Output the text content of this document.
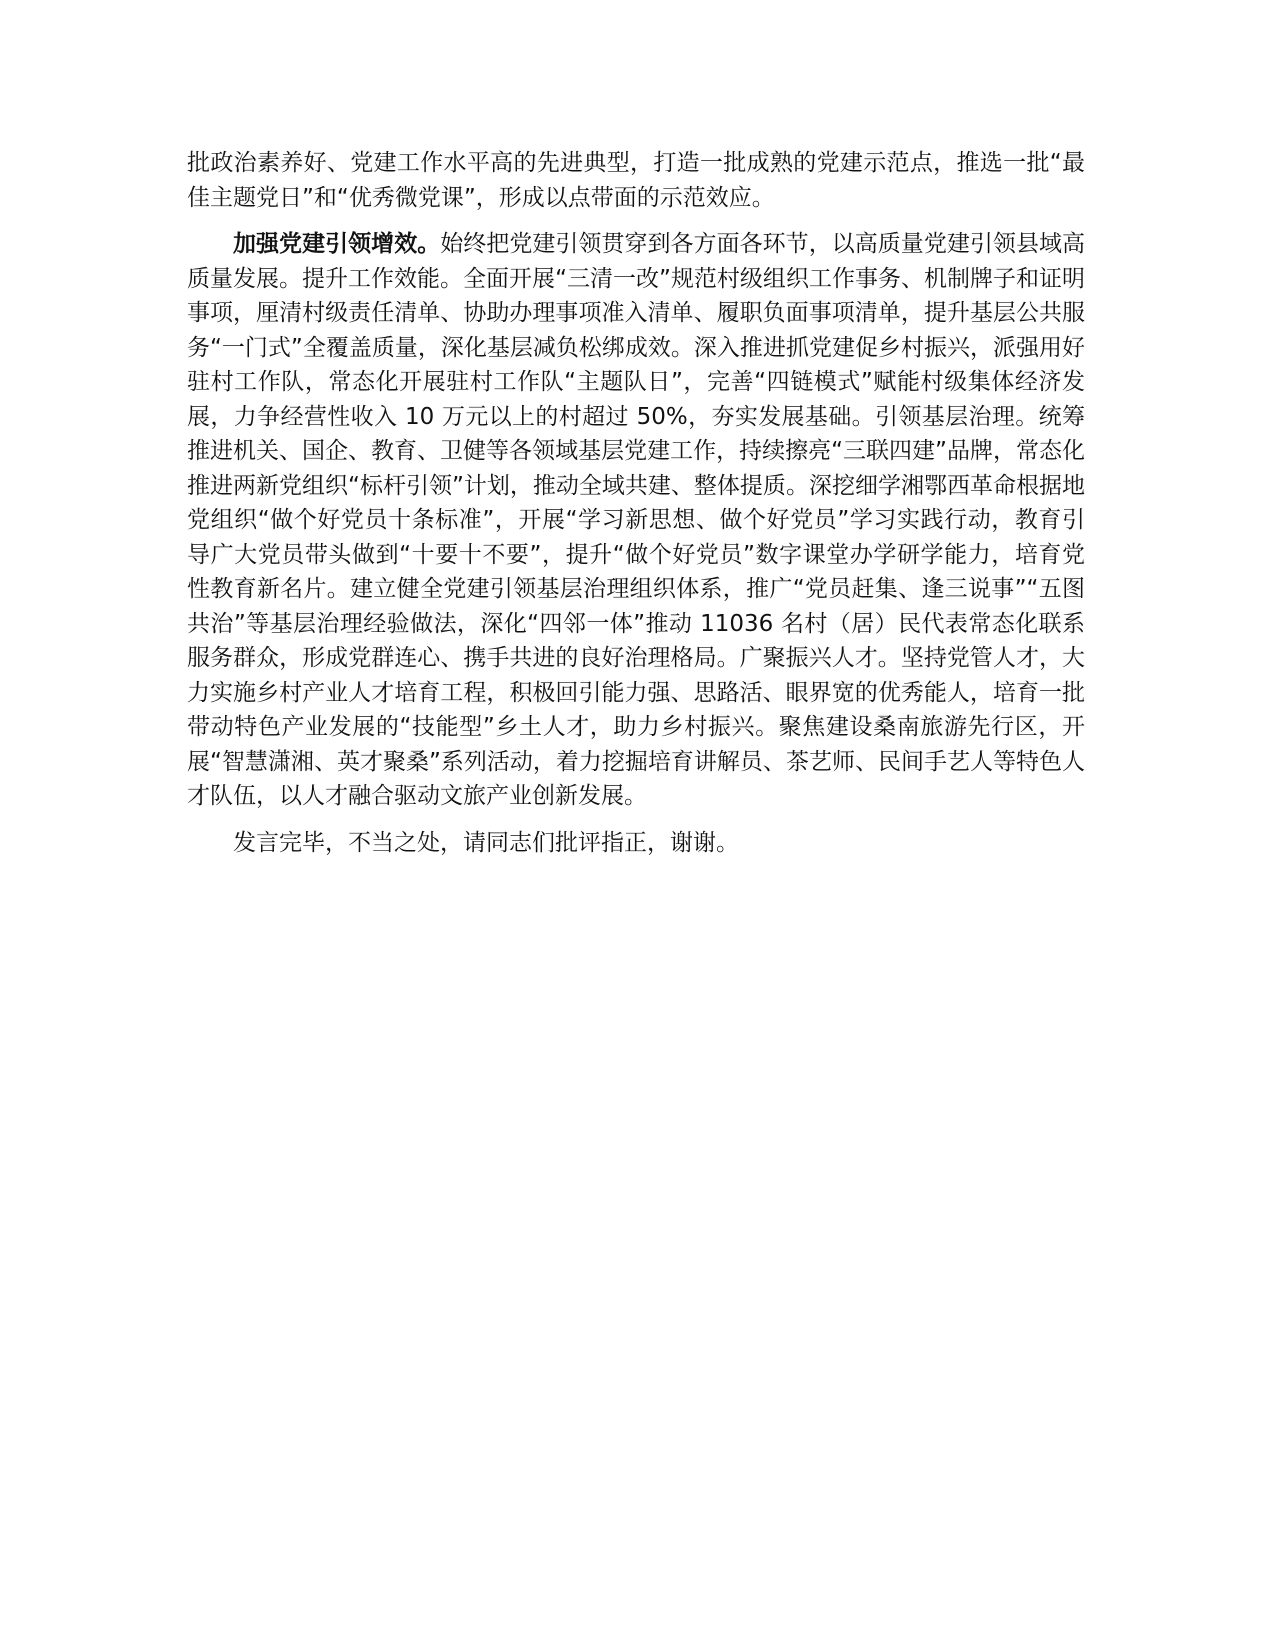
批政治素养好、党建工作水平高的先进典型，打造一批成熟的党建示范点，推选一批“最佳主题党日”和“优秀微党课”，形成以点带面的示范效应。

加强党建引领增效。始终把党建引领贯穿到各方面各环节，以高质量党建引领县域高质量发展。提升工作效能。全面开展“三清一改”规范村级组织工作事务、机制牌子和证明事项，厘清村级责任清单、协助办理事项准入清单、履职负面事项清单，提升基层公共服务“一门式”全覆盖质量，深化基层减负松绑成效。深入推进抓党建促乡村振兴，派强用好驻村工作队，常态化开展驻村工作队“主题队日”，完善“四链模式”赋能村级集体经济发展，力争经营性收入 10 万元以上的村超过 50%，夯实发展基础。引领基层治理。统筹推进机关、国企、教育、卫健等各领域基层党建工作，持续擦亮“三联四建”品牌，常态化推进两新党组织“标杆引领”计划，推动全域共建、整体提质。深挖细学湘鄂西革命根据地党组织“做个好党员十条标准”，开展“学习新思想、做个好党员”学习实践行动，教育引导广大党员带头做到“十要十不要”，提升“做个好党员”数字课堂办学研学能力，培育党性教育新名片。建立健全党建引领基层治理组织体系，推广“党员赶集、逢三说事”“五图共治”等基层治理经验做法，深化“四邻一体”推动 11036 名村（居）民代表常态化联系服务群众，形成党群连心、携手共进的良好治理格局。广聚振兴人才。坚持党管人才，大力实施乡村产业人才培育工程，积极回引能力强、思路活、眼界宽的优秀能人，培育一批带动特色产业发展的“技能型”乡土人才，助力乡村振兴。聚焦建设桑南旅游先行区，开展“智慧潇湘、英才聚桑”系列活动，着力挖掘培育讲解员、茶艺师、民间手艺人等特色人才队伍，以人才融合驱动文旅产业创新发展。

发言完毕，不当之处，请同志们批评指正，谢谢。
